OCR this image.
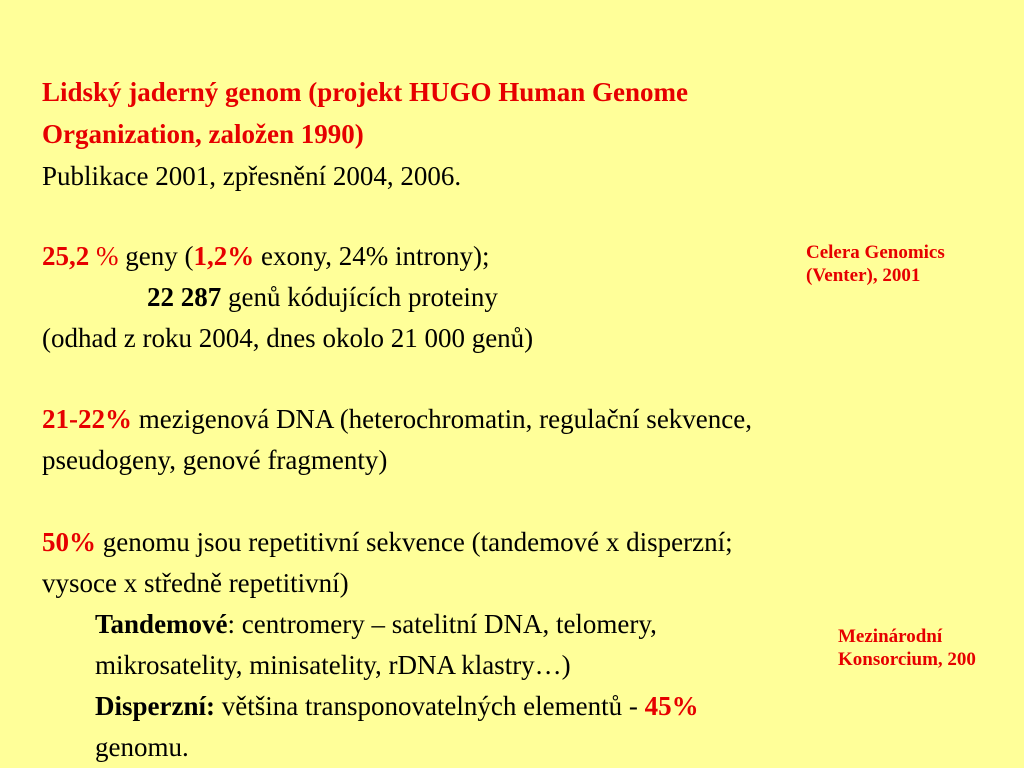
Lidský jaderný genom (projekt HUGO Human Genome
Organization, založen 1990)
Publikace 2001, zpřesnění 2004, 2006.
25,2 % geny (1,2% exony, 24% introny);
22 287 genů kódujících proteiny
(odhad z roku 2004, dnes okolo 21 000 genů)
21-22% mezigenová DNA (heterochromatin, regulační sekvence,
pseudogeny, genové fragmenty)
50% genomu jsou repetitivní sekvence (tandemové x disperzní;
vysoce x středně repetitivní)
Tandemové: centromery – satelitní DNA, telomery,
mikrosatelity, minisatelity, rDNA klastry…)
Disperzní: většina transponovatelných elementů - 45%
genomu.
Celera Genomics
(Venter), 2001
Mezinárodní
Konsorcium, 200
